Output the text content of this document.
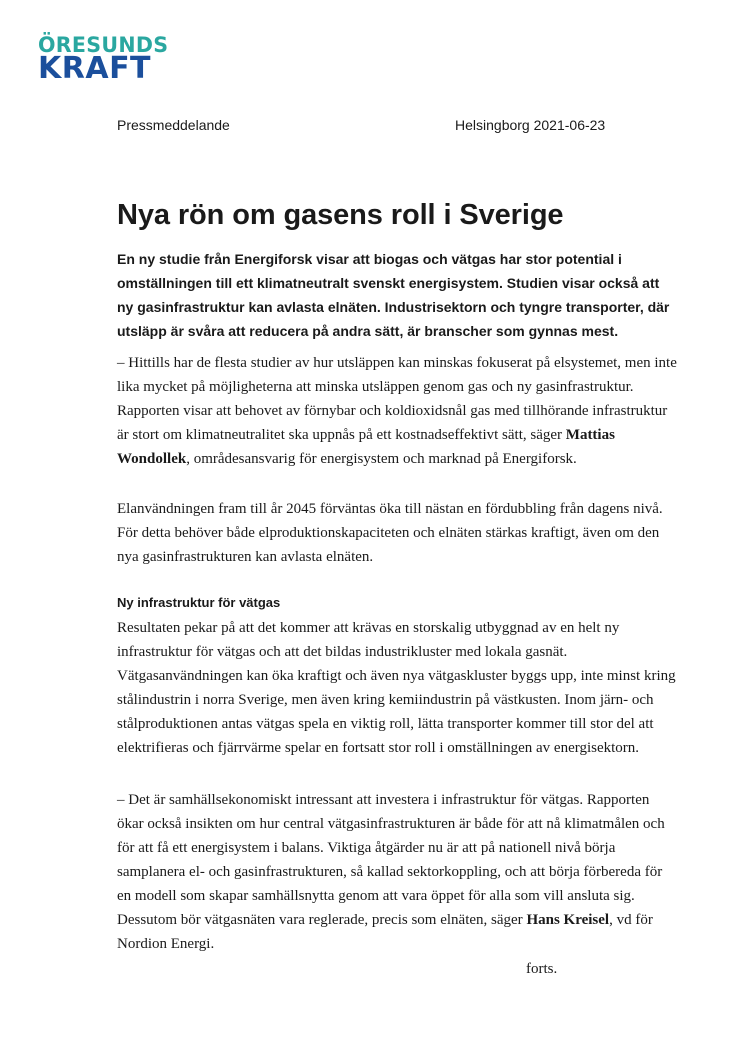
ÖRESUNDS
KRAFT
Pressmeddelande	Helsingborg 2021-06-23
Nya rön om gasens roll i Sverige

En ny studie från Energiforsk visar att biogas och vätgas har stor potential i omställningen till ett klimatneutralt svenskt energisystem. Studien visar också att ny gasinfrastruktur kan avlasta elnäten. Industrisektorn och tyngre transporter, där utsläpp är svåra att reducera på andra sätt, är branscher som gynnas mest.

– Hittills har de flesta studier av hur utsläppen kan minskas fokuserat på elsystemet, men inte lika mycket på möjligheterna att minska utsläppen genom gas och ny gasinfrastruktur. Rapporten visar att behovet av förnybar och koldioxidsnål gas med tillhörande infrastruktur är stort om klimatneutralitet ska uppnås på ett kostnadseffektivt sätt, säger Mattias Wondollek, områdesansvarig för energisystem och marknad på Energiforsk.

Elanvändningen fram till år 2045 förväntas öka till nästan en fördubbling från dagens nivå. För detta behöver både elproduktionskapaciteten och elnäten stärkas kraftigt, även om den nya gasinfrastrukturen kan avlasta elnäten.

Ny infrastruktur för vätgas

Resultaten pekar på att det kommer att krävas en storskalig utbyggnad av en helt ny infrastruktur för vätgas och att det bildas industrikluster med lokala gasnät. Vätgasanvändningen kan öka kraftigt och även nya vätgaskluster byggs upp, inte minst kring stålindustrin i norra Sverige, men även kring kemiindustrin på västkusten. Inom järn- och stålproduktionen antas vätgas spela en viktig roll, lätta transporter kommer till stor del att elektrifieras och fjärrvärme spelar en fortsatt stor roll i omställningen av energisektorn.

– Det är samhällsekonomiskt intressant att investera i infrastruktur för vätgas. Rapporten ökar också insikten om hur central vätgasinfrastrukturen är både för att nå klimatmålen och för att få ett energisystem i balans. Viktiga åtgärder nu är att på nationell nivå börja samplanera el- och gasinfrastrukturen, så kallad sektorkoppling, och att börja förbereda för en modell som skapar samhällsnytta genom att vara öppet för alla som vill ansluta sig. Dessutom bör vätgasnäten vara reglerade, precis som elnäten, säger Hans Kreisel, vd för Nordion Energi.

forts.
